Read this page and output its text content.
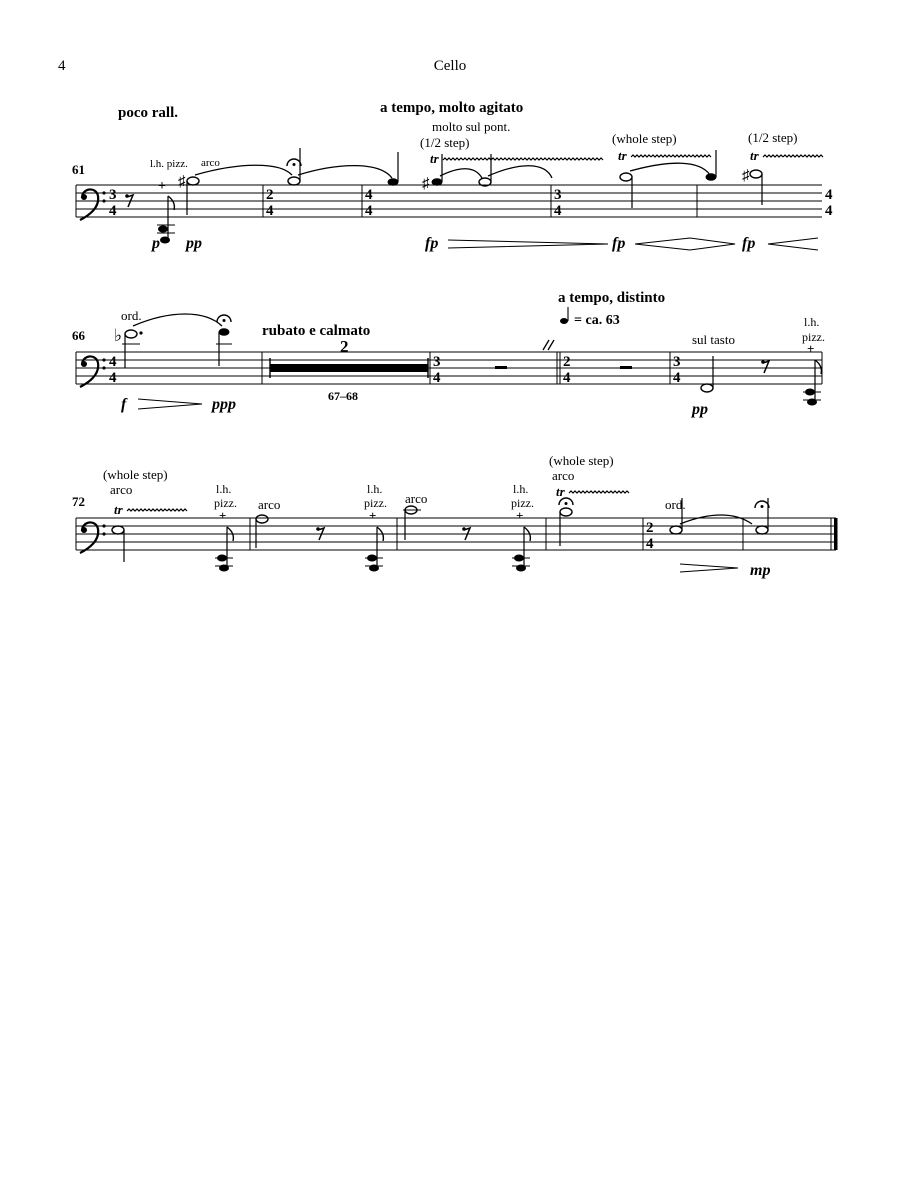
4	Cello
61
3
4
poco rall.	a tempo, molto agitato
molto sul pont.
(1/2 step)	(whole step)	(1/2 step)
l.h. pizz. arco
+ ♯
2
4
4
4
tr
♯
3
4
tr	tr
♯
4
4
p pp	fp	fp	fp
66
4
4
ord.
♭	rubato e calmato
2
67–68
3
4
2
4
a tempo, distinto
= ca. 63
3
4
sul tasto
l.h.
pizz.
+
f	ppp	pp
72
(whole step)
arco
tr
l.h.
pizz.
+
arco
l.h.
pizz.
+
arco
l.h.
pizz.
+
(whole step)
arco
tr
2
4
ord.
mp
